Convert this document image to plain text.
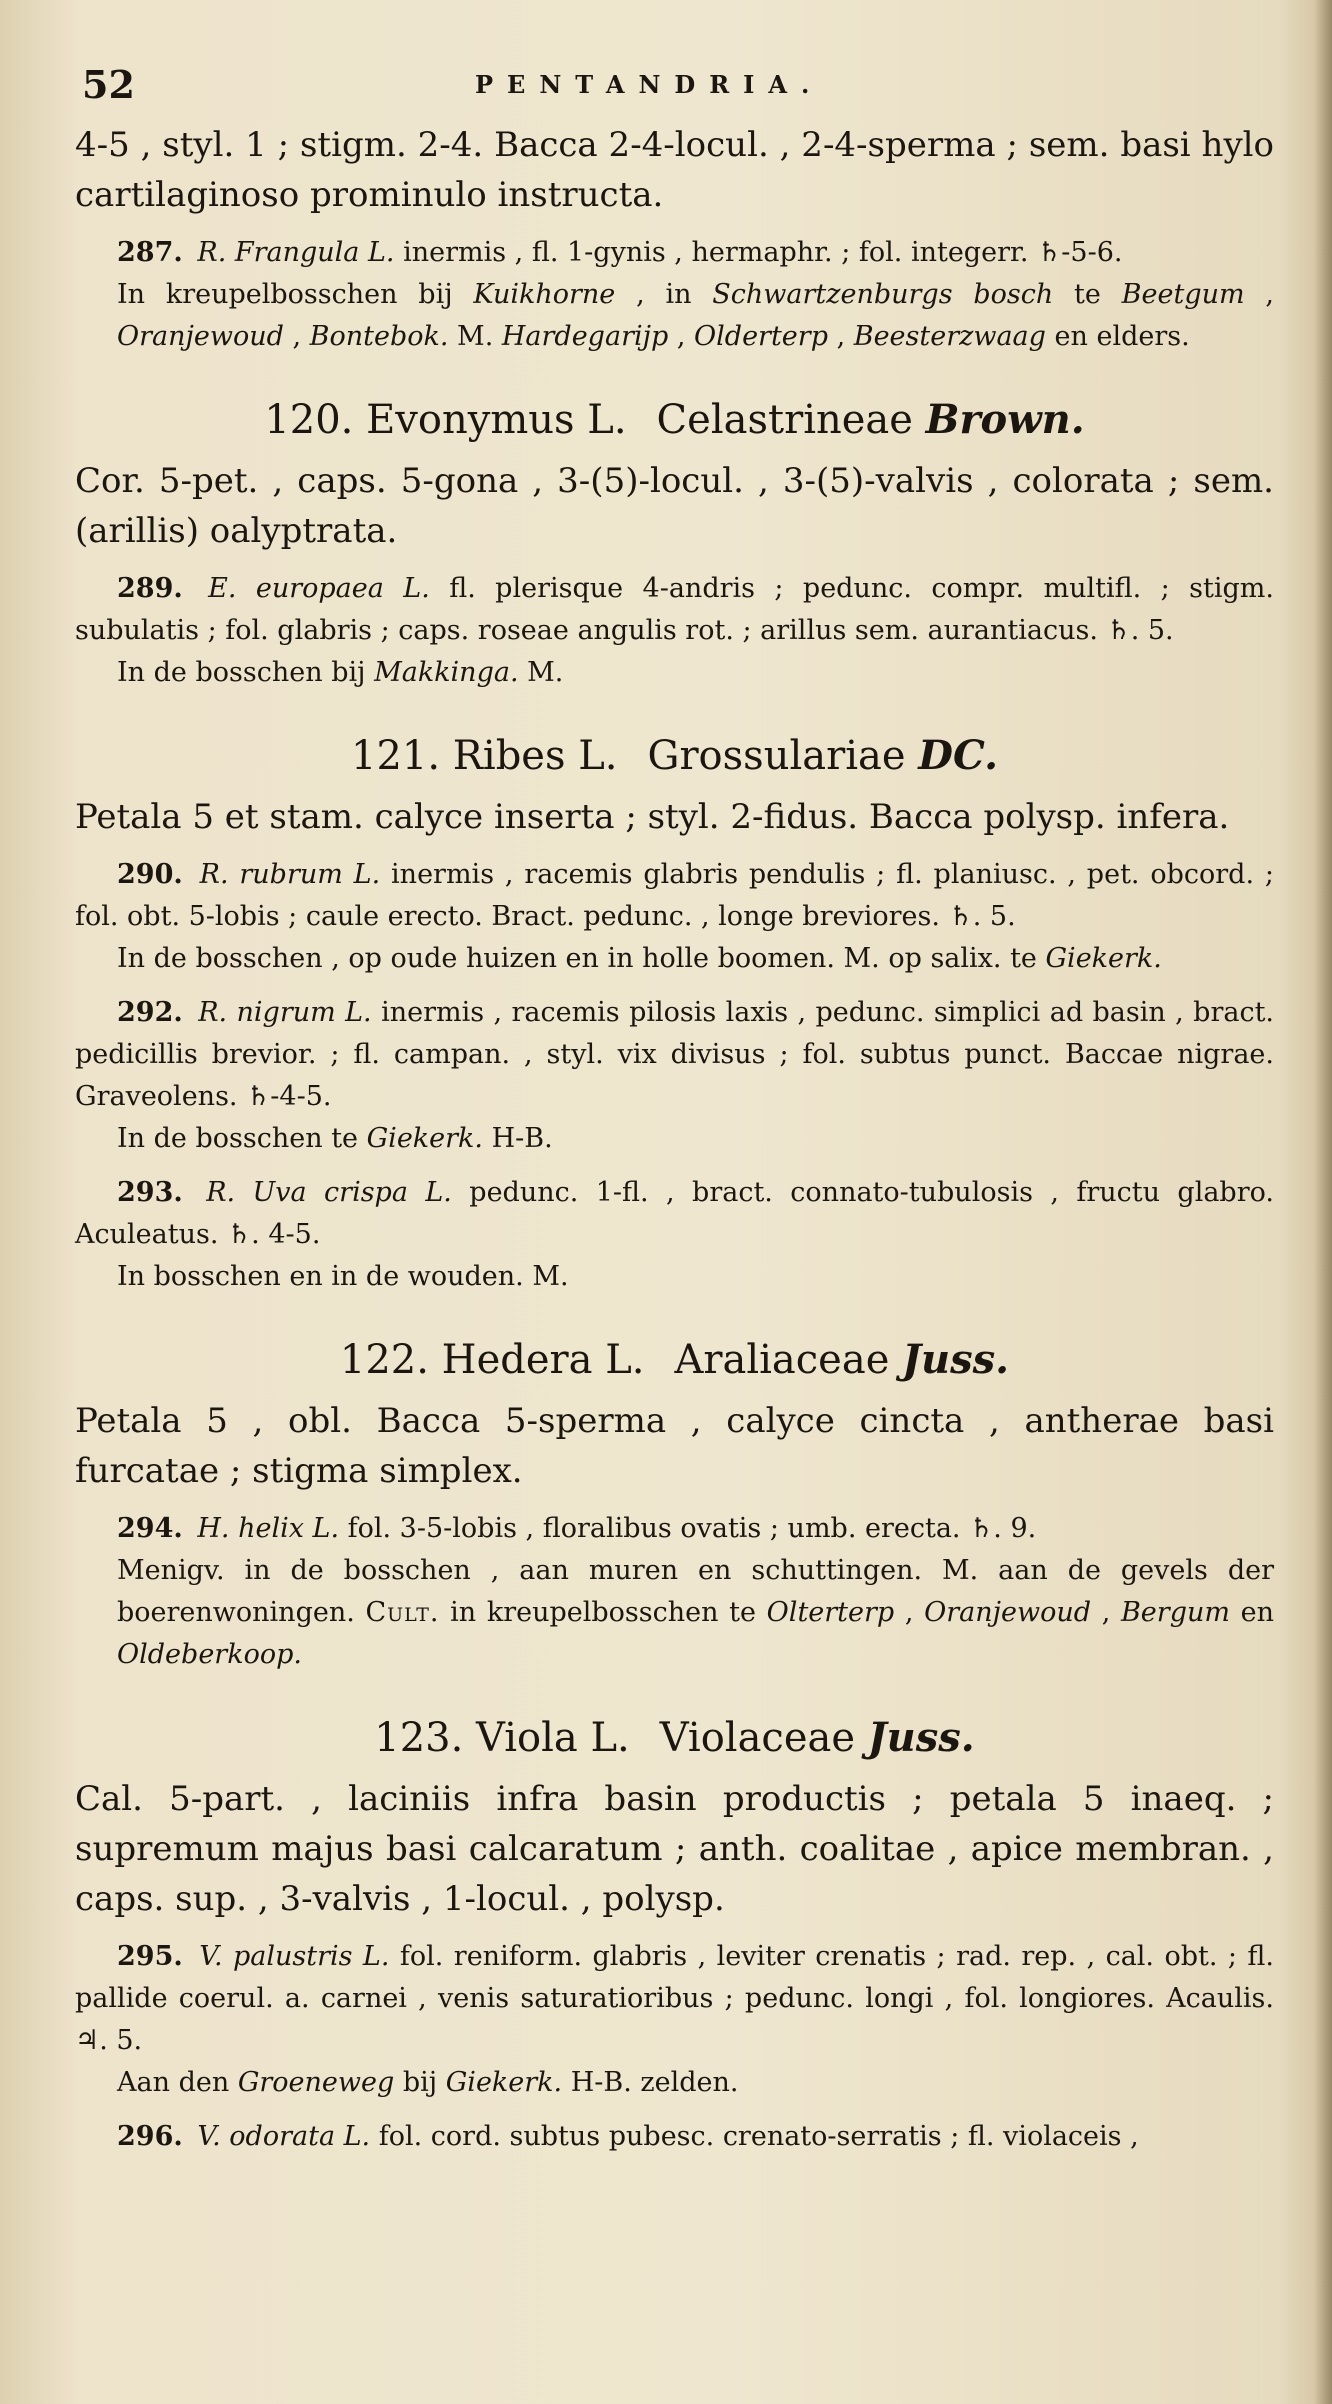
52	PENTANDRIA.

4-5 , styl. 1 ; stigm. 2-4. Bacca 2-4-locul. , 2-4-sperma ; sem. basi hylo cartilaginoso prominulo instructa.

287. R. Frangula L. inermis , fl. 1-gynis , hermaphr. ; fol. integerr. ♄-5-6.

In kreupelbosschen bij Kuikhorne , in Schwartzenburgs bosch te Beetgum , Oranjewoud , Bontebok. M. Hardegarijp , Olderterp , Beesterzwaag en elders.

120. Evonymus L. Celastrineae Brown.

Cor. 5-pet. , caps. 5-gona , 3-(5)-locul. , 3-(5)-valvis , colorata ; sem. (arillis) oalyptrata.

289. E. europaea L. fl. plerisque 4-andris ; pedunc. compr. multifl. ; stigm. subulatis ; fol. glabris ; caps. roseae angulis rot. ; arillus sem. aurantiacus. ♄. 5.

In de bosschen bij Makkinga. M.

121. Ribes L. Grossulariae DC.

Petala 5 et stam. calyce inserta ; styl. 2-fidus. Bacca polysp. infera.

290. R. rubrum L. inermis , racemis glabris pendulis ; fl. planiusc. , pet. obcord. ; fol. obt. 5-lobis ; caule erecto. Bract. pedunc. , longe breviores. ♄. 5.

In de bosschen , op oude huizen en in holle boomen. M. op salix. te Giekerk.

292. R. nigrum L. inermis , racemis pilosis laxis , pedunc. simplici ad basin , bract. pedicillis brevior. ; fl. campan. , styl. vix divisus ; fol. subtus punct. Baccae nigrae. Graveolens. ♄-4-5.

In de bosschen te Giekerk. H-B.

293. R. Uva crispa L. pedunc. 1-fl. , bract. connato-tubulosis , fructu glabro. Aculeatus. ♄. 4-5.

In bosschen en in de wouden. M.

122. Hedera L. Araliaceae Juss.

Petala 5 , obl. Bacca 5-sperma , calyce cincta , antherae basi furcatae ; stigma simplex.

294. H. helix L. fol. 3-5-lobis , floralibus ovatis ; umb. erecta. ♄. 9.

Menigv. in de bosschen , aan muren en schuttingen. M. aan de gevels der boerenwoningen. Cult. in kreupelbosschen te Olterterp , Oranjewoud , Bergum en Oldeberkoop.

123. Viola L. Violaceae Juss.

Cal. 5-part. , laciniis infra basin productis ; petala 5 inaeq. ; supremum majus basi calcaratum ; anth. coalitae , apice membran. , caps. sup. , 3-valvis , 1-locul. , polysp.

295. V. palustris L. fol. reniform. glabris , leviter crenatis ; rad. rep. , cal. obt. ; fl. pallide coerul. a. carnei , venis saturatioribus ; pedunc. longi , fol. longiores. Acaulis. ♃. 5.

Aan den Groeneweg bij Giekerk. H-B. zelden.

296. V. odorata L. fol. cord. subtus pubesc. crenato-serratis ; fl. violaceis ,
